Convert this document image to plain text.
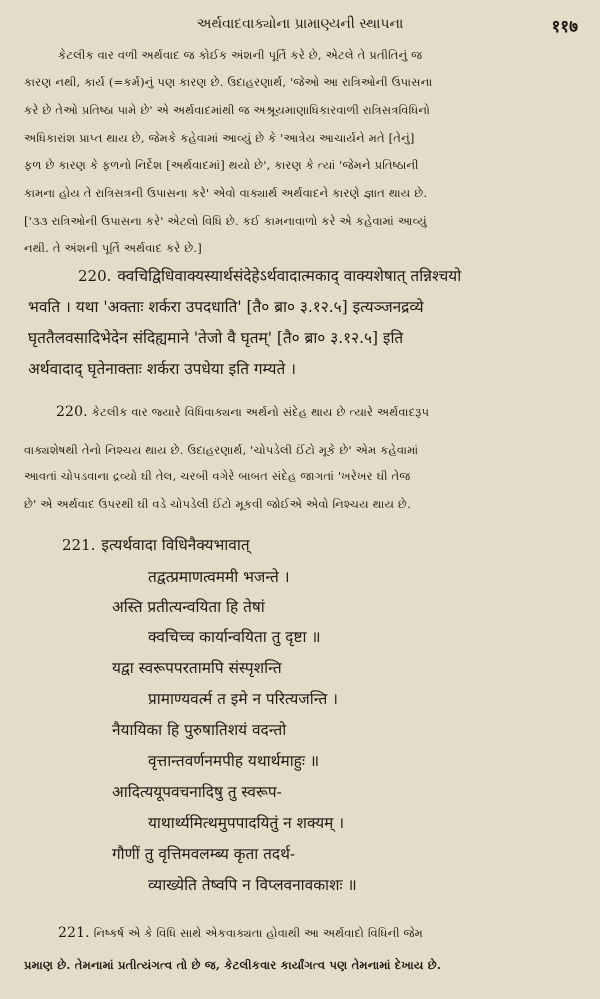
અર્થવાદવાક્યોના પ્રામાણ્યની સ્થાપના	११७
કેટલીક વાર વળી અર્થવાદ જ કોઈક અંશની પૂર્તિ કરે છે, એટલે તે પ્રતીતિનું જ
કારણ નથી, કાર્ય (=કર્મ)નું પણ કારણ છે. ઉદાહરણાર્થ, 'જેઓ આ રાત્રિઓની ઉપાસના
કરે છે તેઓ પ્રતિષ્ઠા પામે છે' એ અર્થવાદમાંથી જ અશ્રૂયમાણાધિકારવાળી રાત્રિસત્રવિધિનો
અધિકારાંશ પ્રાપ્ત થાય છે, જેમકે કહેવામાં આવ્યું છે કે 'આત્રેય આચાર્યને મતે [તેનું]
ફળ છે કારણ કે ફળનો નિર્દેશ [અર્થવાદમાં] થયો છે', કારણ કે ત્યાં 'જેમને પ્રતિષ્ઠાની
કામના હોય તે રાત્રિસત્રની ઉપાસના કરે' એવો વાક્યાર્થ અર્થવાદને કારણે જ્ઞાત થાય છે.
['૩૩ રાત્રિઓની ઉપાસના કરે' એટલો વિધિ છે. કઈ કામનાવાળો કરે એ કહેવામાં આવ્યું
નથી. તે અંશની પૂર્તિ અર્થવાદ કરે છે.]
220. क्वचिद्विधिवाक्यस्यार्थसंदेहेऽर्थवादात्मकाद् वाक्यशेषात् तन्निश्चयो
भवति । यथा 'अक्ताः शर्करा उपदधाति' [तै० ब्रा० ३.१२.५] इत्यञ्जनद्रव्ये
घृततैलवसादिभेदेन संदिह्यमाने 'तेजो वै घृतम्' [तै० ब्रा० ३.१२.५] इति
अर्थवादाद् घृतेनाक्ताः शर्करा उपधेया इति गम्यते ।
220. કેટલીક વાર જ્યારે વિધિવાક્યના અર્થનો સંદેહ થાય છે ત્યારે અર્થવાદરૂપ
વાક્યશેષથી તેનો નિશ્ચય થાય છે. ઉદાહરણાર્થ, 'ચોપડેલી ઈંટો મૂકે છે' એમ કહેવામાં
આવતાં ચોપડવાના દ્રવ્યો ઘી તેલ, ચરબી વગેરે બાબત સંદેહ જાગતાં 'ખરેખર ઘી તેજ
છે' એ અર્થવાદ ઉપરથી ઘી વડે ચોપડેલી ઈંટો મૂકવી જોઈએ એવો નિશ્ચય થાય છે.
221. इत्यर्थवादा विधिनैक्यभावात्
तद्वत्प्रमाणत्वममी भजन्ते ।
अस्ति प्रतीत्यन्वयिता हि तेषां
क्वचिच्च कार्यान्वयिता तु दृष्टा ॥
यद्वा स्वरूपपरतामपि संस्पृशन्ति
प्रामाण्यवर्त्म त इमे न परित्यजन्ति ।
नैयायिका हि पुरुषातिशयं वदन्तो
वृत्तान्तवर्णनमपीह यथार्थमाहुः ॥
आदित्ययूपवचनादिषु तु स्वरूप-
याथार्थ्यमित्थमुपपादयितुं न शक्यम् ।
गौणीं तु वृत्तिमवलम्ब्य कृता तदर्थ-
व्याख्येति तेष्वपि न विप्लवनावकाशः ॥
221. નિષ્કર્ષ એ કે વિધિ સાથે એકવાક્યતા હોવાથી આ અર્થવાદો વિધિની જેમ
પ્રમાણ છે. તેમનામાં પ્રતીત્યંગત્વ તો છે જ, કેટલીકવાર કાર્યાંગત્વ પણ તેમનામાં દેખાય છે.
